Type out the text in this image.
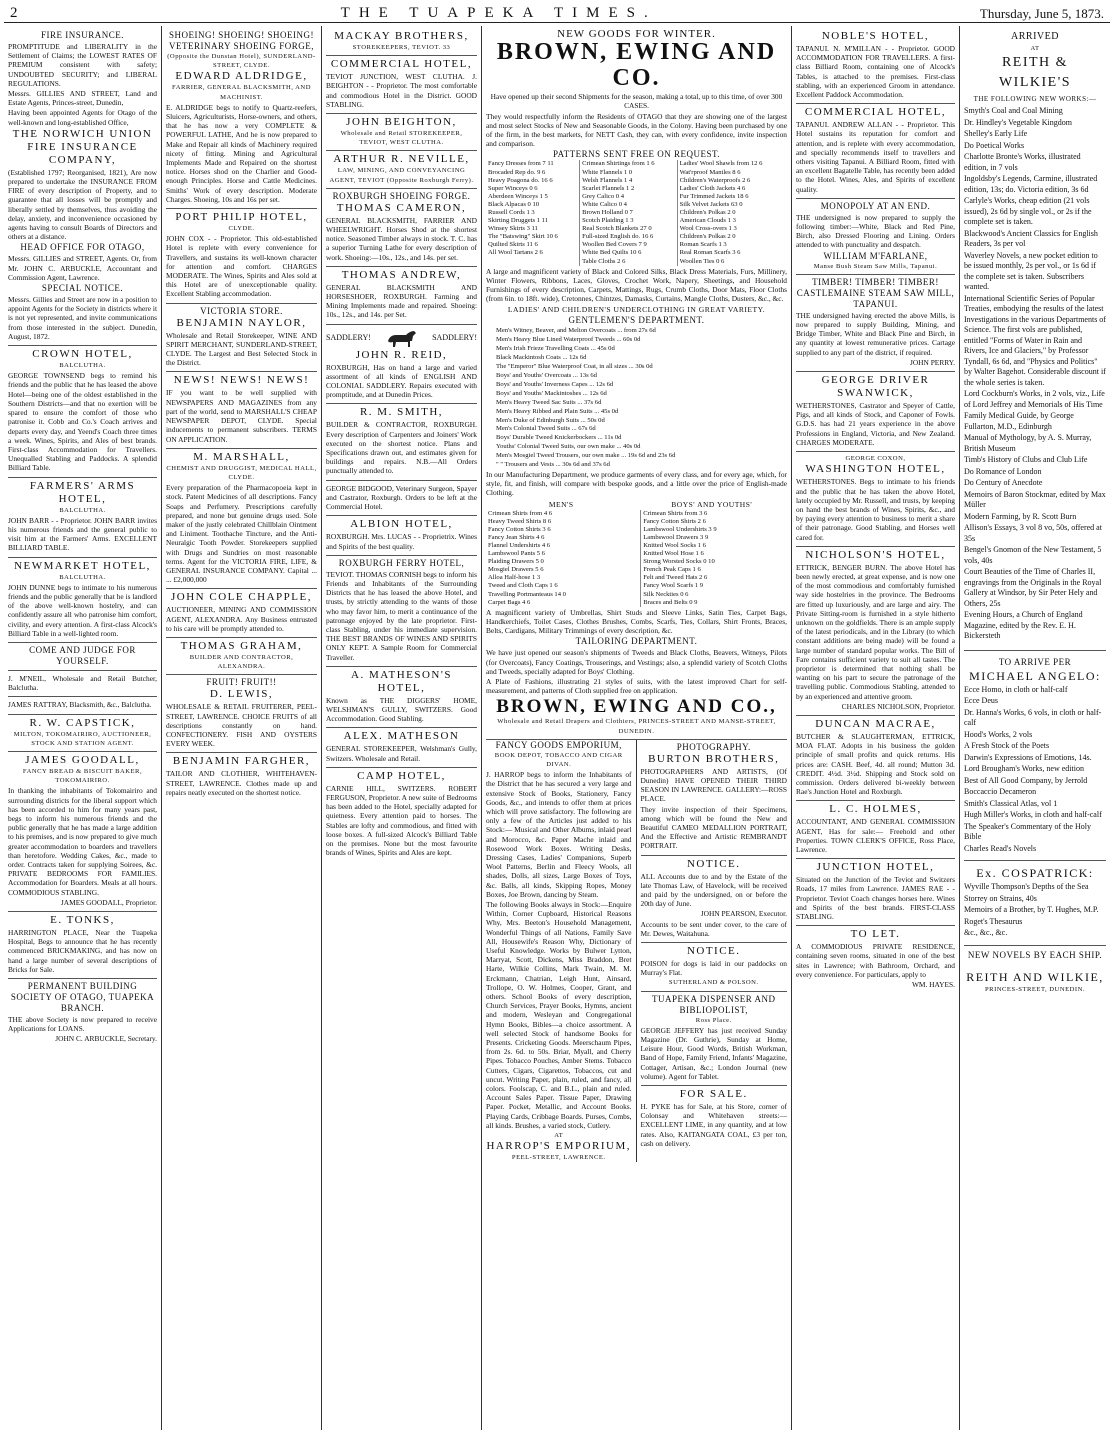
2	THE TUAPEKA TIMES.	Thursday, June 5, 1873.
FIRE INSURANCE.
PROMPTITUDE and LIBERALITY in the Settlement of Claims; the LOWEST RATES OF PREMIUM consistent with safety; UNDOUBTED SECURITY; and LIBERAL REGULATIONS.
Messrs. GILLIES AND STREET, Land and Estate Agents, Princes-street, Dunedin,
Having been appointed Agents for Otago of the well-known and long-established Office,
THE NORWICH UNION FIRE INSURANCE COMPANY,
(Established 1797; Reorganised, 1821), Are now prepared to undertake the INSURANCE FROM FIRE of every description of Property, and to guarantee that all losses will be promptly and liberally settled by themselves, thus avoiding the delay, anxiety, and inconvenience occasioned by agents having to consult Boards of Directors and others at a distance.
HEAD OFFICE FOR OTAGO,
Messrs. GILLIES and STREET, Agents. Or, from Mr. JOHN C. ARBUCKLE, Accountant and Commission Agent, Lawrence.
SPECIAL NOTICE.
Messrs. Gillies and Street are now in a position to appoint Agents for the Society in districts where it is not yet represented, and invite communications from those interested in the subject. Dunedin, August, 1872.
CROWN HOTEL,
BALCLUTHA.
GEORGE TOWNSEND begs to remind his friends and the public that he has leased the above Hotel—being one of the oldest established in the Southern Districts—and that no exertion will be spared to ensure the comfort of those who patronise it. Cobb and Co.'s Coach arrives and departs every day, and Yeend's Coach three times a week. Wines, Spirits, and Ales of best brands. First-class Accommodation for Travellers. Unequalled Stabling and Paddocks. A splendid Billiard Table.
FARMERS' ARMS HOTEL,
BALCLUTHA.
JOHN BARR - - Proprietor. JOHN BARR invites his numerous friends and the general public to visit him at the Farmers' Arms. EXCELLENT BILLIARD TABLE.
NEWMARKET HOTEL,
BALCLUTHA.
JOHN DUNNE begs to intimate to his numerous friends and the public generally that he is landlord of the above well-known hostelry, and can confidently assure all who patronise him comfort, civility, and every attention. A first-class Alcock's Billiard Table in a well-lighted room.
COME AND JUDGE FOR YOURSELF.
J. M'NEIL, Wholesale and Retail Butcher, Balclutha.
JAMES RATTRAY, Blacksmith, &c., Balclutha.
R. W. CAPSTICK,
MILTON, TOKOMAIRIRO, AUCTIONEER, STOCK AND STATION AGENT.
JAMES GOODALL,
FANCY BREAD & BISCUIT BAKER, TOKOMAIRIRO.
In thanking the inhabitants of Tokomairiro and surrounding districts for the liberal support which has been accorded to him for many years past, begs to inform his numerous friends and the public generally that he has made a large addition to his premises, and is now prepared to give much greater accommodation to boarders and travellers than heretofore. Wedding Cakes, &c., made to order. Contracts taken for supplying Soirees, &c. PRIVATE BEDROOMS FOR FAMILIES. Accommodation for Boarders. Meals at all hours. COMMODIOUS STABLING.
JAMES GOODALL, Proprietor.
E. TONKS,
HARRINGTON PLACE, Near the Tuapeka Hospital, Begs to announce that he has recently commenced BRICKMAKING, and has now on hand a large number of several descriptions of Bricks for Sale.
PERMANENT BUILDING SOCIETY OF OTAGO, TUAPEKA BRANCH.
THE above Society is now prepared to receive Applications for LOANS.
JOHN C. ARBUCKLE, Secretary.
SHOEING! SHOEING! SHOEING!
VETERINARY SHOEING FORGE,
(Opposite the Dunstan Hotel), SUNDERLAND-STREET, CLYDE.
EDWARD ALDRIDGE,
FARRIER, GENERAL BLACKSMITH, AND MACHINIST.
E. ALDRIDGE begs to notify to Quartz-reefers, Sluicers, Agriculturists, Horse-owners, and others, that he has now a very COMPLETE & POWERFUL LATHE, And he is now prepared to Make and Repair all kinds of Machinery required nicety of fitting. Mining and Agricultural Implements Made and Repaired on the shortest notice. Horses shod on the Charlier and Good-enough Principles. Horse and Cattle Medicines. Smiths' Work of every description. Moderate Charges. Shoeing, 10s and 16s per set.
PORT PHILIP HOTEL,
CLYDE.
JOHN COX - - Proprietor. This old-established Hotel is replete with every convenience for Travellers, and sustains its well-known character for attention and comfort. CHARGES MODERATE. The Wines, Spirits and Ales sold at this Hotel are of unexceptionable quality. Excellent Stabling accommodation.
VICTORIA STORE.
BENJAMIN NAYLOR,
Wholesale and Retail Storekeeper, WINE AND SPIRIT MERCHANT, SUNDERLAND-STREET, CLYDE. The Largest and Best Selected Stock in the District.
NEWS! NEWS! NEWS!
IF you want to be well supplied with NEWSPAPERS AND MAGAZINES from any part of the world, send to MARSHALL'S CHEAP NEWSPAPER DEPOT, CLYDE. Special inducements to permanent subscribers. TERMS ON APPLICATION.
M. MARSHALL,
CHEMIST AND DRUGGIST, MEDICAL HALL, CLYDE.
Every preparation of the Pharmacopoeia kept in stock. Patent Medicines of all descriptions. Fancy Soaps and Perfumery. Prescriptions carefully prepared, and none but genuine drugs used. Sole maker of the justly celebrated Chillblain Ointment and Liniment. Toothache Tincture, and the Anti-Neuralgic Tooth Powder. Storekeepers supplied with Drugs and Sundries on most reasonable terms. Agent for the VICTORIA FIRE, LIFE, & GENERAL INSURANCE COMPANY. Capital ... ... £2,000,000
JOHN COLE CHAPPLE,
AUCTIONEER, MINING AND COMMISSION AGENT, ALEXANDRA. Any Business entrusted to his care will be promptly attended to.
THOMAS GRAHAM,
BUILDER AND CONTRACTOR, ALEXANDRA.
FRUIT! FRUIT!!
D. LEWIS,
WHOLESALE & RETAIL FRUITERER, PEEL-STREET, LAWRENCE. CHOICE FRUITS of all descriptions constantly on hand. CONFECTIONERY. FISH AND OYSTERS EVERY WEEK.
BENJAMIN FARGHER,
TAILOR AND CLOTHIER, WHITEHAVEN-STREET, LAWRENCE. Clothes made up and repairs neatly executed on the shortest notice.
MACKAY BROTHERS,
STOREKEEPERS, TEVIOT. 33
COMMERCIAL HOTEL,
TEVIOT JUNCTION, WEST CLUTHA. J. BEIGHTON - - Proprietor. The most comfortable and commodious Hotel in the District. GOOD STABLING.
JOHN BEIGHTON,
Wholesale and Retail STOREKEEPER, TEVIOT, WEST CLUTHA.
ARTHUR R. NEVILLE,
LAW, MINING, AND CONVEYANCING AGENT, TEVIOT (Opposite Roxburgh Ferry).
ROXBURGH SHOEING FORGE.
THOMAS CAMERON,
GENERAL BLACKSMITH, FARRIER AND WHEELWRIGHT. Horses Shod at the shortest notice. Seasoned Timber always in stock. T. C. has a superior Turning Lathe for every description of work. Shoeing:—10s., 12s., and 14s. per set.
THOMAS ANDREW,
GENERAL BLACKSMITH AND HORSESHOER, ROXBURGH. Farming and Mining Implements made and repaired. Shoeing: 10s., 12s., and 14s. per Set.
SADDLERY!	SADDLERY!
JOHN R. REID,
ROXBURGH, Has on hand a large and varied assortment of all kinds of ENGLISH AND COLONIAL SADDLERY. Repairs executed with promptitude, and at Dunedin Prices.
R. M. SMITH,
BUILDER & CONTRACTOR, ROXBURGH. Every description of Carpenters and Joiners' Work executed on the shortest notice. Plans and Specifications drawn out, and estimates given for buildings and repairs. N.B.—All Orders punctually attended to.
GEORGE BIDGOOD, Veterinary Surgeon, Spayer and Castrator, Roxburgh. Orders to be left at the Commercial Hotel.
ALBION HOTEL,
ROXBURGH. Mrs. LUCAS - - Proprietrix. Wines and Spirits of the best quality.
ROXBURGH FERRY HOTEL,
TEVIOT. THOMAS CORNISH begs to inform his Friends and Inhabitants of the Surrounding Districts that he has leased the above Hotel, and trusts, by strictly attending to the wants of those who may favor him, to merit a continuance of the patronage enjoyed by the late proprietor. First-class Stabling, under his immediate supervision. THE BEST BRANDS OF WINES AND SPIRITS ONLY KEPT. A Sample Room for Commercial Traveller.
A. MATHESON'S HOTEL,
Known as THE DIGGERS' HOME, WELSHMAN'S GULLY, SWITZERS. Good Accommodation. Good Stabling.
ALEX. MATHESON
GENERAL STOREKEEPER, Welshman's Gully, Switzers. Wholesale and Retail.
CAMP HOTEL,
CARNIE HILL, SWITZERS. ROBERT FERGUSON, Proprietor. A new suite of Bedrooms has been added to the Hotel, specially adapted for quietness. Every attention paid to horses. The Stables are lofty and commodious, and fitted with loose boxes. A full-sized Alcock's Billiard Table on the premises. None but the most favourite brands of Wines, Spirits and Ales are kept.
NEW GOODS FOR WINTER.
BROWN, EWING AND CO.
Have opened up their second Shipments for the season, making a total, up to this time, of over 300 CASES.
They would respectfully inform the Residents of OTAGO that they are showing one of the largest and most select Stocks of New and Seasonable Goods, in the Colony. Having been purchased by one of the firm, in the best markets, for NETT Cash, they can, with every confidence, invite inspection and comparison.
PATTERNS SENT FREE ON REQUEST.
Fancy Dresses from 7 11	Crimean Shirtings from 1 6	Ladies' Wool Shawls from 12 6
Brocaded Rep do. 9 6	White Flannels 1 0	Wat'rproof Mantles 8 6
Heavy Poagona do. 16 6	Welsh Flannels 1 4	Children's Waterproofs 2 6
Super Winceys 0 6	Scarlet Flannels 1 2	Ladies' Cloth Jackets 4 6
Aberdeen Winceys 1 5	Grey Calico 0 4	Fur Trimmed Jackets 18 6
Black Alpacas 0 10	White Calico 0 4	Silk Velvet Jackets 63 0
Russell Cords 1 3	Brown Holland 0 7	Children's Polkas 2 0
Skirting Druggets 1 11	Scotch Plaiding 1 3	American Clouds 1 3
Winsey Skirts 3 11	Real Scotch Blankets 27 0	Wool Cross-overs 1 3
The "Batswing" Skirt 10 6	Full-sized English do. 16 6	Children's Polkas 2 0
Quilted Skirts 11 6	Woollen Bed Covers 7 9	Roman Scarfs 1 3
All Wool Tartans 2 6	White Bed Quilts 10 6	Real Roman Scarfs 3 6
	Table Cloths 2 6	Woollen Ties 0 6
A large and magnificent variety of Black and Colored Silks, Black Dress Materials, Furs, Millinery, Winter Flowers, Ribbons, Laces, Gloves, Crochet Work, Napery, Sheetings, and Household Furnishings of every description, Carpets, Mattings, Rugs, Crumb Cloths, Door Mats, Floor Cloths (from 6in. to 18ft. wide), Cretonnes, Chintzes, Damasks, Curtains, Mangle Cloths, Dusters, &c., &c.
LADIES' AND CHILDREN'S UNDERCLOTHING IN GREAT VARIETY.
GENTLEMEN'S DEPARTMENT.
Men's Witney, Beaver, and Melton Overcoats ... from 27s 6d
Men's Heavy Blue Lined Waterproof Tweeds ... 60s 0d
Men's Irish Frieze Travelling Coats ... 45s 0d
Black Mackintosh Coats ... 12s 6d
The "Emperor" Blue Waterproof Coat, in all sizes ... 30s 0d
Boys' and Youths' Overcoats ... 13s 6d
Boys' and Youths' Inverness Capes ... 12s 6d
Boys' and Youths' Mackintoshes ... 12s 6d
Men's Heavy Tweed Sac Suits ... 37s 6d
Men's Heavy Ribbed and Plain Suits ... 45s 0d
Men's Duke of Edinburgh Suits ... 50s 0d
Men's Colonial Tweed Suits ... 67s 6d
Boys' Durable Tweed Knickerbockers ... 11s 0d
Youths' Colonial Tweed Suits, our own make ... 40s 0d
Men's Mosgiel Tweed Trousers, our own make ... 19s 6d and 23s 6d
" " Trousers and Vests ... 30s 6d and 37s 6d
In our Manufacturing Department, we produce garments of every class, and for every age, which, for style, fit, and finish, will compare with bespoke goods, and a little over the price of English-made Clothing.
MEN'S	BOYS' AND YOUTHS'
Crimean Shirts from 4 6	Crimean Shirts from 3 6
Heavy Tweed Shirts 8 6	Fancy Cotton Shirts 2 6
Fancy Cotton Shirts 3 6	Lambswool Undershirts 3 9
Fancy Jean Shirts 4 6	Lambswool Drawers 3 9
Flannel Undershirts 4 6	Knitted Wool Socks 1 6
Lambswool Pants 5 6	Knitted Wool Hose 1 6
Plaiding Drawers 5 0	Strong Worsted Socks 0 10
Mosgiel Drawers 5 6	French Peak Caps 1 6
Alloa Half-hose 1 3	Felt and Tweed Hats 2 6
Tweed and Cloth Caps 1 6	Fancy Wool Scarfs 1 9
Travelling Portmanteaus 14 0	Silk Neckties 0 6
Carpet Bags 4 6	Braces and Belts 0 9
A magnificent variety of Umbrellas, Shirt Studs and Sleeve Links, Satin Ties, Carpet Bags, Handkerchiefs, Toilet Cases, Clothes Brushes, Combs, Scarfs, Ties, Collars, Shirt Fronts, Braces, Belts, Cardigans, Military Trimmings of every description, &c.
TAILORING DEPARTMENT.
We have just opened our season's shipments of Tweeds and Black Cloths, Beavers, Witneys, Pilots (for Overcoats), Fancy Coatings, Trouserings, and Vestings; also, a splendid variety of Scotch Cloths and Tweeds, specially adapted for Boys' Clothing.
A Plate of Fashions, illustrating 21 styles of suits, with the latest improved Chart for self-measurement, and patterns of Cloth supplied free on application.
BROWN, EWING AND CO.,
Wholesale and Retail Drapers and Clothiers, PRINCES-STREET AND MANSE-STREET, DUNEDIN.
FANCY GOODS EMPORIUM,
BOOK DEPOT, TOBACCO AND CIGAR DIVAN.
J. HARROP begs to inform the Inhabitants of the District that he has secured a very large and extensive Stock of Books, Stationery, Fancy Goods, &c., and intends to offer them at prices which will prove satisfactory. The following are only a few of the Articles just added to his Stock:— Musical and Other Albums, inlaid pearl and Morocco, &c. Paper Mache inlaid and Rosewood Work Boxes. Writing Desks, Dressing Cases, Ladies' Companions, Superb Wool Patterns, Berlin and Fleecy Wools, all shades, Dolls, all sizes, Large Boxes of Toys, &c. Balls, all kinds, Skipping Ropes, Money Boxes, Joe Brown, dancing by Steam.
The following Books always in Stock:—Enquire Within, Corner Cupboard, Historical Reasons Why, Mrs. Beeton's Household Management, Wonderful Things of all Nations, Family Save All, Housewife's Reason Why, Dictionary of Useful Knowledge. Works by Bulwer Lytton, Marryat, Scott, Dickens, Miss Braddon, Bret Harte, Wilkie Collins, Mark Twain, M. M. Erckmann, Chatrian, Leigh Hunt, Ainsard, Trollope, O. W. Holmes, Cooper, Grant, and others. School Books of every description, Church Services, Prayer Books, Hymns, ancient and modern, Wesleyan and Congregational Hymn Books, Bibles—a choice assortment. A well selected Stock of handsome Books for Presents. Cricketing Goods. Meerschaum Pipes, from 2s. 6d. to 50s. Briar, Myall, and Cherry Pipes. Tobacco Pouches, Amber Stems. Tobacco Cutters, Cigars, Cigarettos, Tobaccos, cut and uncut. Writing Paper, plain, ruled, and fancy, all colors. Foolscap, C. and B.L., plain and ruled. Account Sales Paper. Tissue Paper, Drawing Paper. Pocket, Metallic, and Account Books. Playing Cards, Cribbage Boards. Purses, Combs, all kinds. Brushes, a varied stock, Cutlery.
AT
HARROP'S EMPORIUM,
PEEL-STREET, LAWRENCE.
PHOTOGRAPHY.
BURTON BROTHERS,
PHOTOGRAPHERS AND ARTISTS, (Of Dunedin) HAVE OPENED THEIR THIRD SEASON IN LAWRENCE. GALLERY:—ROSS PLACE.
They invite inspection of their Specimens, among which will be found the New and Beautiful CAMEO MEDALLION PORTRAIT, And the Effective and Artistic REMBRANDT PORTRAIT.
NOTICE.
ALL Accounts due to and by the Estate of the late Thomas Law, of Havelock, will be received and paid by the undersigned, on or before the 20th day of June.
JOHN PEARSON, Executor.
Accounts to be sent under cover, to the care of Mr. Dewes, Waitahuna.
NOTICE.
POISON for dogs is laid in our paddocks on Murray's Flat.
SUTHERLAND & POLSON.
TUAPEKA DISPENSER AND BIBLIOPOLIST,
Ross Place.
GEORGE JEFFERY has just received Sunday Magazine (Dr. Guthrie), Sunday at Home, Leisure Hour, Good Words, British Workman, Band of Hope, Family Friend, Infants' Magazine, Cottager, Artisan, &c.; London Journal (new volume). Agent for Tablet.
FOR SALE.
H. PYKE has for Sale, at his Store, corner of Colonsay and Whitehaven streets:— EXCELLENT LIME, in any quantity, and at low rates. Also, KAITANGATA COAL, £3 per ton, cash on delivery.
NOBLE'S HOTEL,
TAPANUI. N. M'MILLAN - - Proprietor. GOOD ACCOMMODATION FOR TRAVELLERS. A first-class Billiard Room, containing one of Alcock's Tables, is attached to the premises. First-class stabling, with an experienced Groom in attendance. Excellent Paddock Accommodation.
COMMERCIAL HOTEL,
TAPANUI. ANDREW ALLAN - - Proprietor. This Hotel sustains its reputation for comfort and attention, and is replete with every accommodation, and specially recommends itself to travellers and others visiting Tapanui. A Billiard Room, fitted with an excellent Bagatelle Table, has recently been added to the Hotel. Wines, Ales, and Spirits of excellent quality.
MONOPOLY AT AN END.
THE undersigned is now prepared to supply the following timber:—White, Black and Red Pine, Birch, also Dressed Flooring and Lining. Orders attended to with punctuality and despatch.
WILLIAM M'FARLANE,
Manse Bush Steam Saw Mills, Tapanui.
TIMBER! TIMBER! TIMBER!
CASTLEMAINE STEAM SAW MILL, TAPANUI.
THE undersigned having erected the above Mills, is now prepared to supply Building, Mining, and Bridge Timber, White and Black Pine and Birch, in any quantity at lowest remunerative prices. Cartage supplied to any part of the district, if required.
JOHN PERRY.
GEORGE DRIVER SWANWICK,
WETHERSTONES, Castrator and Speyer of Cattle, Pigs, and all kinds of Stock, and Caponer of Fowls. G.D.S. has had 21 years experience in the above Professions in England, Victoria, and New Zealand. CHARGES MODERATE.
GEORGE COXON,
WASHINGTON HOTEL,
WETHERSTONES. Begs to intimate to his friends and the public that he has taken the above Hotel, lately occupied by Mr. Russell, and trusts, by keeping on hand the best brands of Wines, Spirits, &c., and by paying every attention to business to merit a share of their patronage. Good Stabling, and Horses well cared for.
NICHOLSON'S HOTEL,
ETTRICK, BENGER BURN. The above Hotel has been newly erected, at great expense, and is now one of the most commodious and comfortably furnished way side hostelries in the province. The Bedrooms are fitted up luxuriously, and are large and airy. The Private Sitting-room is furnished in a style hitherto unknown on the goldfields. There is an ample supply of the latest periodicals, and in the Library (to which constant additions are being made) will be found a large number of standard popular works. The Bill of Fare contains sufficient variety to suit all tastes. The proprietor is determined that nothing shall be wanting on his part to secure the patronage of the travelling public. Commodious Stabling, attended to by an experienced and attentive groom.
CHARLES NICHOLSON, Proprietor.
DUNCAN MACRAE,
BUTCHER & SLAUGHTERMAN, ETTRICK, MOA FLAT. Adopts in his business the golden principle of small profits and quick returns. His prices are: CASH. Beef, 4d. all round; Mutton 3d. CREDIT. 4½d. 3½d. Shipping and Stock sold on commission. Orders delivered bi-weekly between Rae's Junction Hotel and Roxburgh.
L. C. HOLMES,
ACCOUNTANT, AND GENERAL COMMISSION AGENT, Has for sale:— Freehold and other Properties. TOWN CLERK'S OFFICE, Ross Place, Lawrence.
JUNCTION HOTEL,
Situated on the Junction of the Teviot and Switzers Roads, 17 miles from Lawrence. JAMES RAE - - Proprietor. Teviot Coach changes horses here. Wines and Spirits of the best brands. FIRST-CLASS STABLING.
TO LET.
A COMMODIOUS PRIVATE RESIDENCE, containing seven rooms, situated in one of the best sites in Lawrence; with Bathroom, Orchard, and every convenience. For particulars, apply to
WM. HAYES.
ARRIVED
AT
REITH & WILKIE'S
THE FOLLOWING NEW WORKS:—
Smyth's Coal and Coal Mining
Dr. Hindley's Vegetable Kingdom
Shelley's Early Life
Do Poetical Works
Charlotte Bronte's Works, illustrated edition, in 7 vols
Ingoldsby's Legends, Carmine, illustrated edition, 13s; do. Victoria edition, 3s 6d
Carlyle's Works, cheap edition (21 vols issued), 2s 6d by single vol., or 2s if the complete set is taken.
Blackwood's Ancient Classics for English Readers, 3s per vol
Waverley Novels, a new pocket edition to be issued monthly, 2s per vol., or 1s 6d if the complete set is taken. Subscribers wanted.
International Scientific Series of Popular Treaties, embodying the results of the latest Investigations in the various Departments of Science. The first vols are published, entitled "Forms of Water in Rain and Rivers, Ice and Glaciers," by Professor Tyndall, 6s 6d, and "Physics and Politics" by Walter Bagehot. Considerable discount if the whole series is taken.
Lord Cockburn's Works, in 2 vols, viz., Life of Lord Jeffrey and Memorials of His Time
Family Medical Guide, by George Fullarton, M.D., Edinburgh
Manual of Mythology, by A. S. Murray, British Museum
Timb's History of Clubs and Club Life
Do Romance of London
Do Century of Anecdote
Memoirs of Baron Stockmar, edited by Max Müller
Modern Farming, by R. Scott Burn
Allison's Essays, 3 vol 8 vo, 50s, offered at 35s
Bengel's Gnomon of the New Testament, 5 vols, 40s
Court Beauties of the Time of Charles II, engravings from the Originals in the Royal Gallery at Windsor, by Sir Peter Hely and Others, 25s
Evening Hours, a Church of England Magazine, edited by the Rev. E. H. Bickersteth
TO ARRIVE PER
MICHAEL ANGELO:
Ecce Homo, in cloth or half-calf
Ecce Deus
Dr. Hanna's Works, 6 vols, in cloth or half-calf
Hood's Works, 2 vols
A Fresh Stock of the Poets
Darwin's Expressions of Emotions, 14s.
Lord Brougham's Works, new edition
Best of All Good Company, by Jerrold
Boccaccio Decameron
Smith's Classical Atlas, vol 1
Hugh Miller's Works, in cloth and half-calf
The Speaker's Commentary of the Holy Bible
Charles Read's Novels
Ex. COSPATRICK:
Wyville Thompson's Depths of the Sea
Storrey on Strains, 40s
Memoirs of a Brother, by T. Hughes, M.P.
Roget's Thesaurus
&c., &c., &c.
NEW NOVELS BY EACH SHIP.
REITH AND WILKIE,
PRINCES-STREET, DUNEDIN.
